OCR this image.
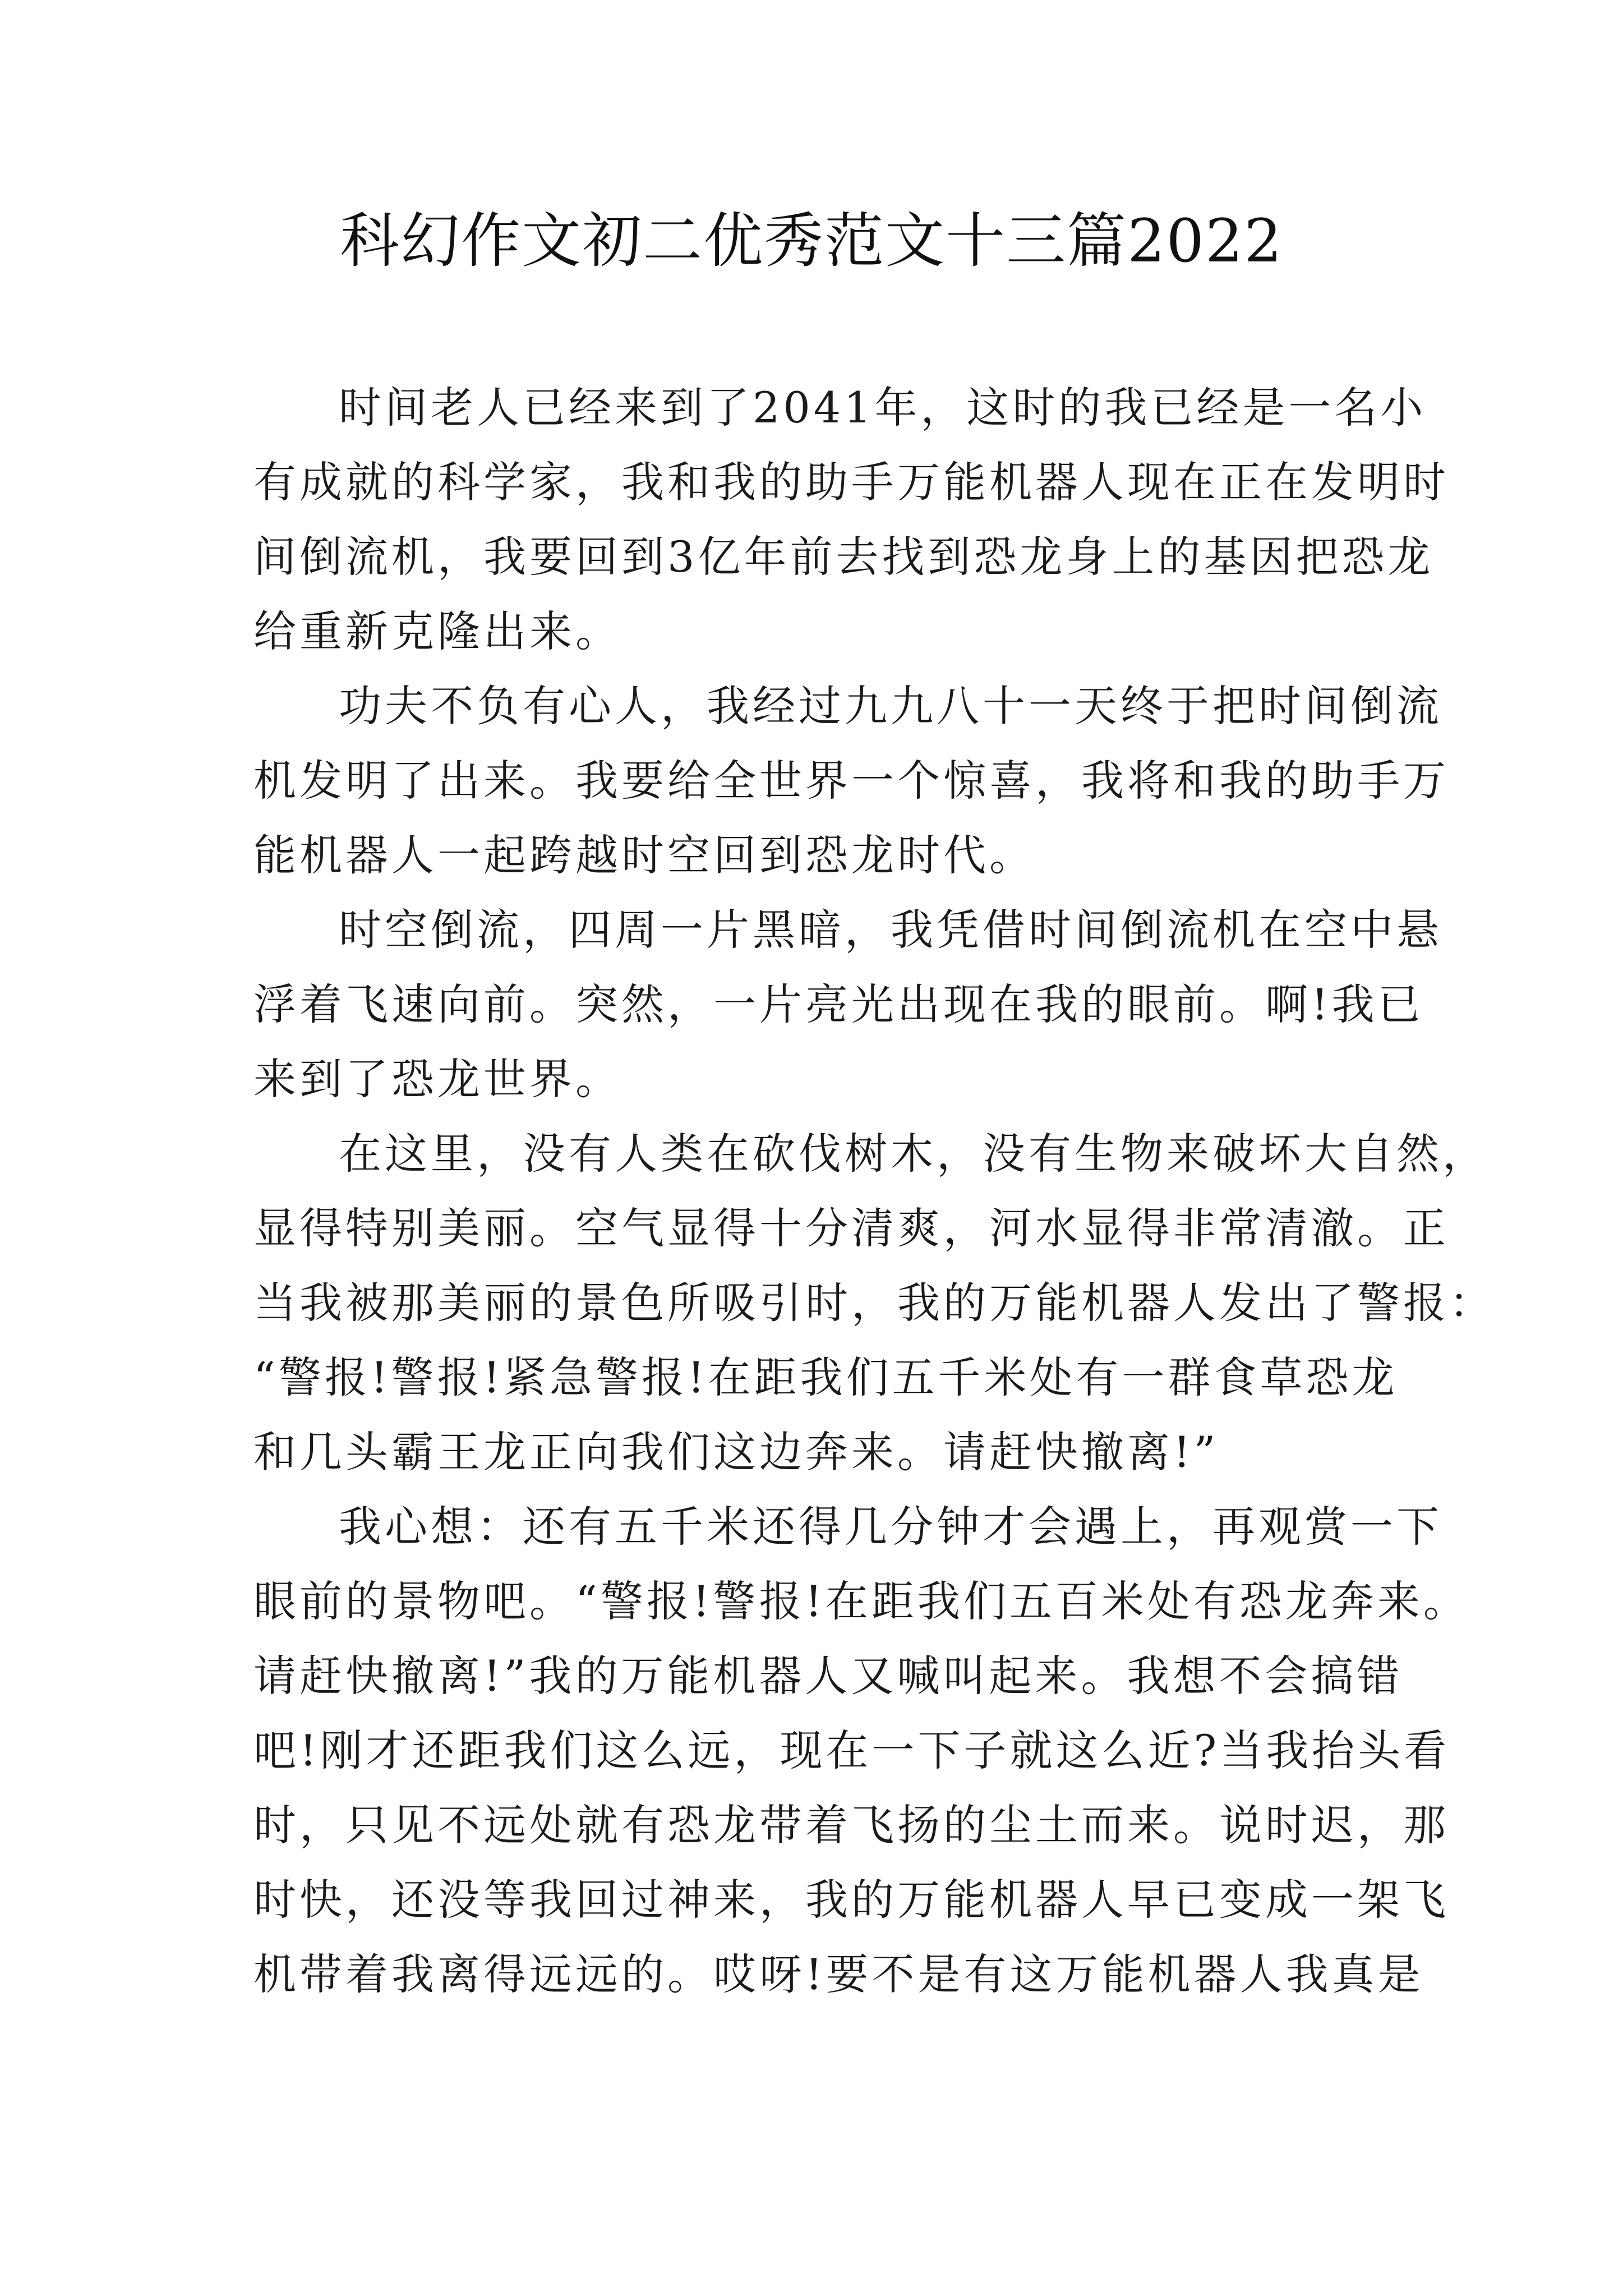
科幻作文初二优秀范文十三篇2022
时间老人已经来到了2041年，这时的我已经是一名小
有成就的科学家，我和我的助手万能机器人现在正在发明时
间倒流机，我要回到3亿年前去找到恐龙身上的基因把恐龙
给重新克隆出来。
功夫不负有心人，我经过九九八十一天终于把时间倒流
机发明了出来。我要给全世界一个惊喜，我将和我的助手万
能机器人一起跨越时空回到恐龙时代。
时空倒流，四周一片黑暗，我凭借时间倒流机在空中悬
浮着飞速向前。突然，一片亮光出现在我的眼前。啊!我已
来到了恐龙世界。
在这里，没有人类在砍伐树木，没有生物来破坏大自然，
显得特别美丽。空气显得十分清爽，河水显得非常清澈。正
当我被那美丽的景色所吸引时，我的万能机器人发出了警报：
“警报!警报!紧急警报!在距我们五千米处有一群食草恐龙
和几头霸王龙正向我们这边奔来。请赶快撤离!”
我心想：还有五千米还得几分钟才会遇上，再观赏一下
眼前的景物吧。“警报!警报!在距我们五百米处有恐龙奔来。
请赶快撤离!”我的万能机器人又喊叫起来。我想不会搞错
吧!刚才还距我们这么远，现在一下子就这么近?当我抬头看
时，只见不远处就有恐龙带着飞扬的尘土而来。说时迟，那
时快，还没等我回过神来，我的万能机器人早已变成一架飞
机带着我离得远远的。哎呀!要不是有这万能机器人我真是
